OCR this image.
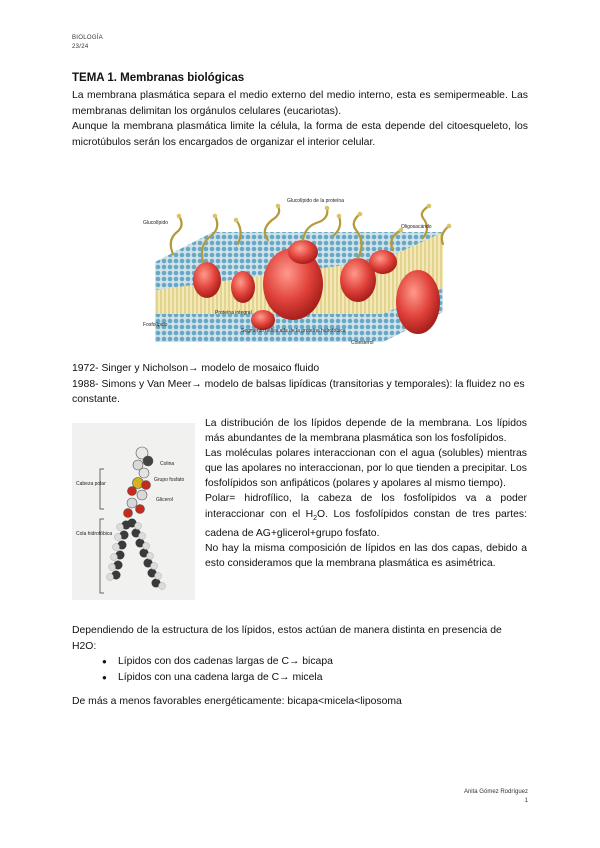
BIOLOGÍA
23/24
TEMA 1. Membranas biológicas

La membrana plasmática separa el medio externo del medio interno, esta es semipermeable. Las membranas delimitan los orgánulos celulares (eucariotas).

Aunque la membrana plasmática limite la célula, la forma de esta depende del citoesqueleto, los microtúbulos serán los encargados de organizar el interior celular.

Glucolípido de la proteína
Glucolípido
Fosfolípido
Oligosacárido
Proteína integral
Segmento hélice alfa de la proteína hidrofóbica
Colesterol

1972- Singer y Nicholson→ modelo de mosaico fluido

1988- Simons y Van Meer→ modelo de balsas lipídicas (transitorias y temporales): la fluidez no es constante.

Cabeza polar
Cola hidrofóbica
Colina
Grupo fosfato
Glicerol

La distribución de los lípidos depende de la membrana. Los lípidos más abundantes de la membrana plasmática son los fosfolípidos.

Las moléculas polares interaccionan con el agua (solubles) mientras que las apolares no interaccionan, por lo que tienden a precipitar. Los fosfolípidos son anfipáticos (polares y apolares al mismo tiempo).

Polar= hidrofílico, la cabeza de los fosfolípidos va a poder interaccionar con el $H_2O$. Los fosfolípidos constan de tres partes: cadena de AG+glicerol+grupo fosfato.

No hay la misma composición de lípidos en las dos capas, debido a esto consideramos que la membrana plasmática es asimétrica.

Dependiendo de la estructura de los lípidos, estos actúan de manera distinta en presencia de H2O:

● Lípidos con dos cadenas largas de C→ bicapa
● Lípidos con una cadena larga de C→ micela
De más a menos favorables energéticamente: bicapa<micela<liposoma
Anita Gómez Rodríguez
1
